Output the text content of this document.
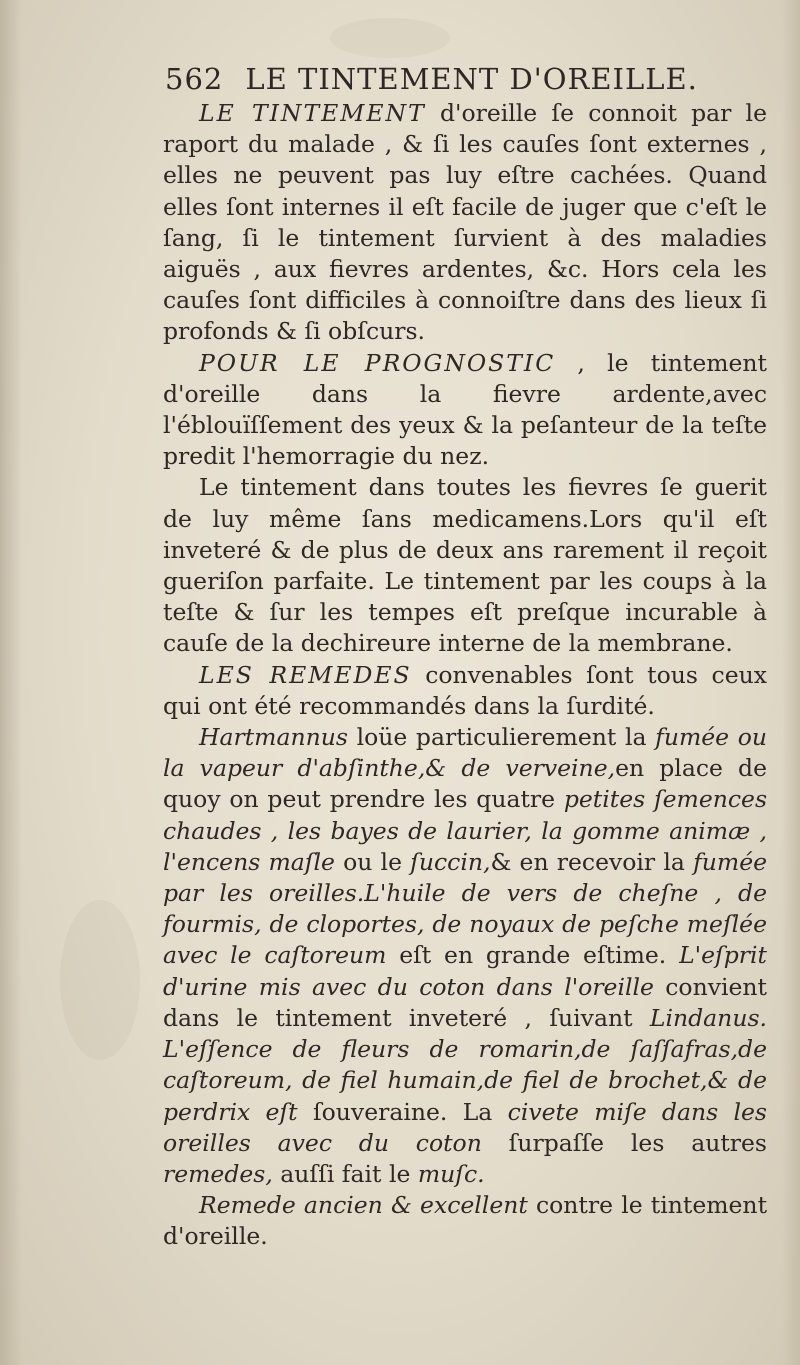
562 LE TINTEMENT D'OREILLE.

LE TINTEMENT d'oreille ſe connoit par le raport du malade , & ſi les cauſes ſont externes , elles ne peuvent pas luy eſtre cachées. Quand elles ſont internes il eſt facile de juger que c'eſt le ſang, ſi le tintement ſurvient à des maladies aiguës , aux fievres ardentes, &c. Hors cela les cauſes ſont difficiles à connoiſtre dans des lieux ſi profonds & ſi obſcurs.

POUR LE PROGNOSTIC , le tintement d'oreille dans la fievre ardente,avec l'éblouïſſement des yeux & la peſanteur de la teſte predit l'hemorragie du nez.

Le tintement dans toutes les fievres ſe guerit de luy même ſans medicamens.Lors qu'il eſt inveteré & de plus de deux ans rarement il reçoit gueriſon parfaite. Le tintement par les coups à la teſte & ſur les tempes eſt preſque incurable à cauſe de la dechireure interne de la membrane.

LES REMEDES convenables ſont tous ceux qui ont été recommandés dans la ſurdité.

Hartmannus loüe particulierement la fumée ou la vapeur d'abſinthe,& de verveine,en place de quoy on peut prendre les quatre petites ſemences chaudes , les bayes de laurier, la gomme animæ , l'encens maſle ou le ſuccin,& en recevoir la fumée par les oreilles.L'huile de vers de cheſne , de fourmis, de cloportes, de noyaux de peſche meſlée avec le caſtoreum eſt en grande eſtime. L'eſprit d'urine mis avec du coton dans l'oreille convient dans le tintement inveteré , ſuivant Lindanus. L'eſſence de fleurs de romarin,de ſaſſafras,de caſtoreum, de fiel humain,de fiel de brochet,& de perdrix eſt ſouveraine. La civete miſe dans les oreilles avec du coton ſurpaſſe les autres remedes, auſſi fait le muſc.

Remede ancien & excellent contre le tintement d'oreille.
